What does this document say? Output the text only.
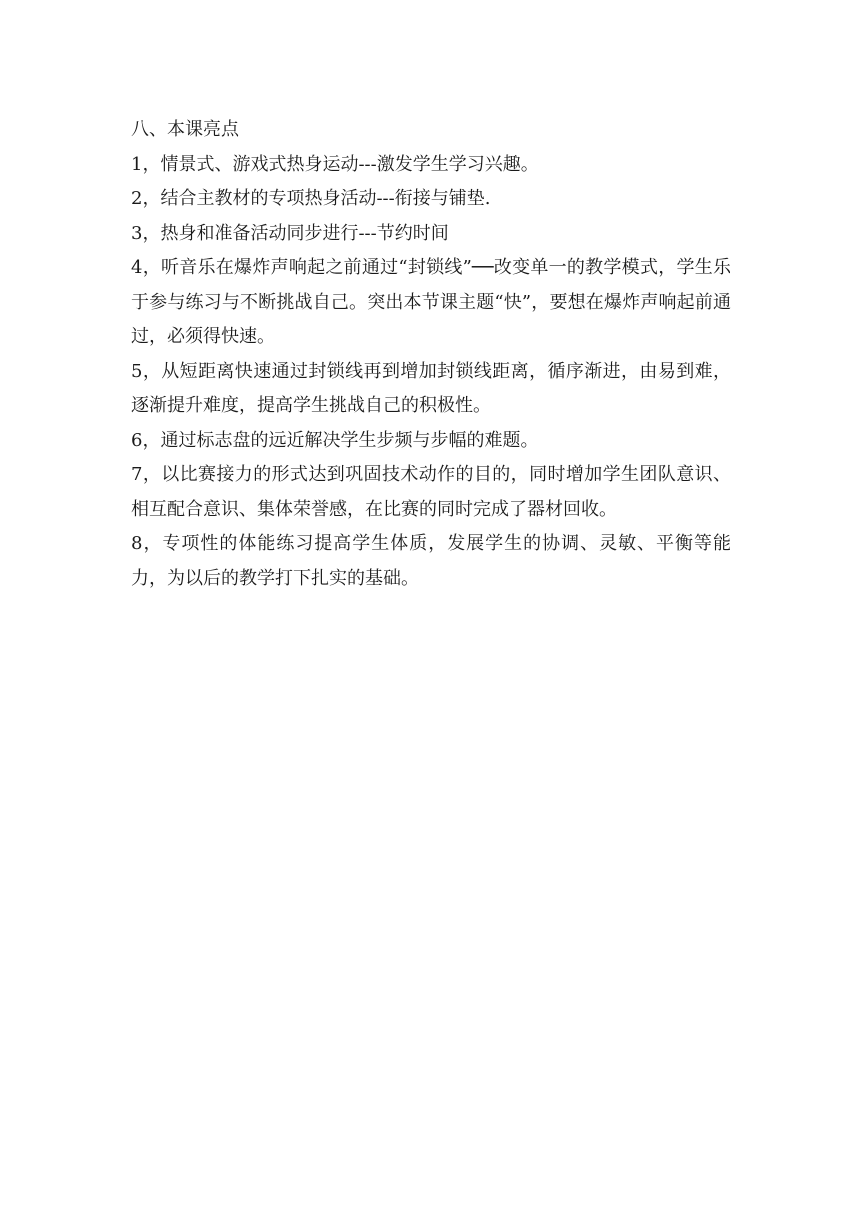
八、本课亮点

1，情景式、游戏式热身运动---激发学生学习兴趣。

2，结合主教材的专项热身活动---衔接与铺垫.

3，热身和准备活动同步进行---节约时间

4，听音乐在爆炸声响起之前通过“封锁线”──改变单一的教学模式，学生乐于参与练习与不断挑战自己。突出本节课主题“快”，要想在爆炸声响起前通过，必须得快速。

5，从短距离快速通过封锁线再到增加封锁线距离，循序渐进，由易到难，逐渐提升难度，提高学生挑战自己的积极性。

6，通过标志盘的远近解决学生步频与步幅的难题。

7，以比赛接力的形式达到巩固技术动作的目的，同时增加学生团队意识、相互配合意识、集体荣誉感，在比赛的同时完成了器材回收。

8，专项性的体能练习提高学生体质，发展学生的协调、灵敏、平衡等能力，为以后的教学打下扎实的基础。
